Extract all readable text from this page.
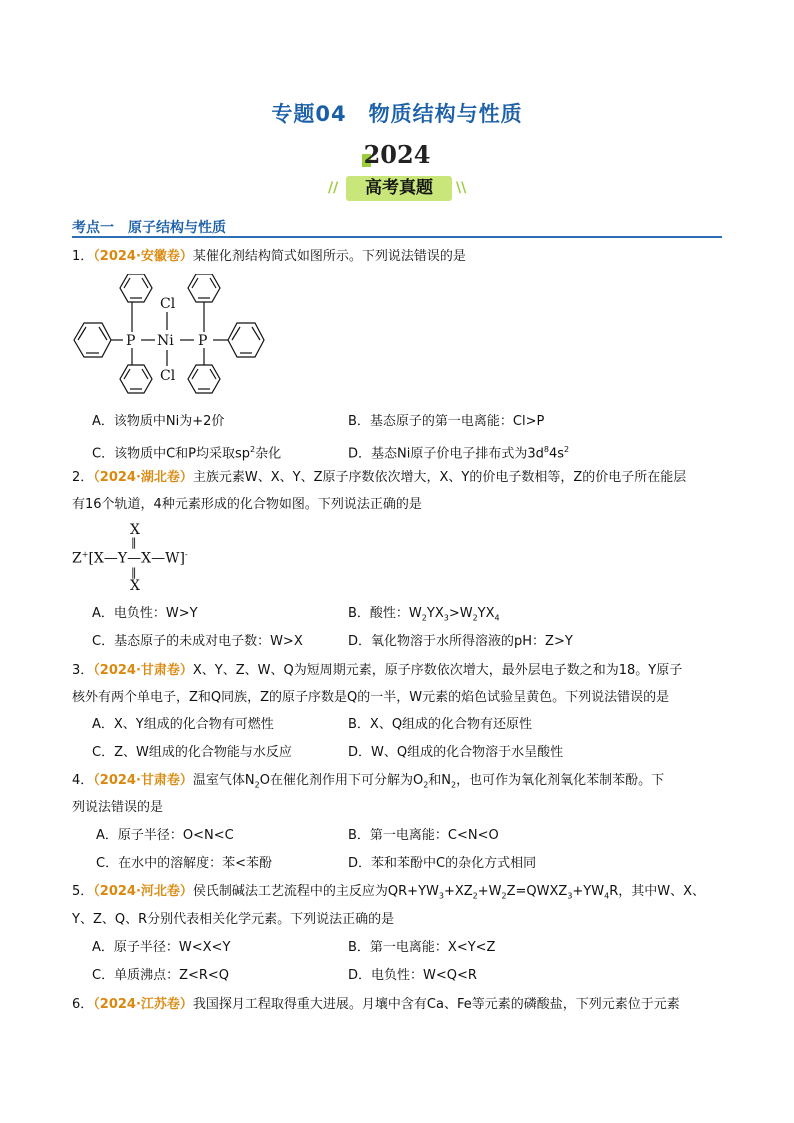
专题04 物质结构与性质
2024
//	高考真题	\\
考点一　原子结构与性质
1．（2024·安徽卷）某催化剂结构简式如图所示。下列说法错误的是
P Ni P
Cl
Cl
A．该物质中Ni为+2价	B．基态原子的第一电离能：Cl>P
C．该物质中C和P均采取$sp^2$杂化	D．基态Ni原子价电子排布式为$3d^84s^2$
2．（2024·湖北卷）主族元素W、X、Y、Z原子序数依次增大，X、Y的价电子数相等，Z的价电子所在能层
有16个轨道，4种元素形成的化合物如图。下列说法正确的是
X
‖
Z+[X—Y—X—W]-
‖
X
A．电负性：W>Y	B．酸性：$W_2YX_3>W_2YX_4$
C．基态原子的未成对电子数：W>X	D．氧化物溶于水所得溶液的pH：Z>Y
3．（2024·甘肃卷）X、Y、Z、W、Q为短周期元素，原子序数依次增大，最外层电子数之和为18。Y原子
核外有两个单电子，Z和Q同族，Z的原子序数是Q的一半，W元素的焰色试验呈黄色。下列说法错误的是
A．X、Y组成的化合物有可燃性	B．X、Q组成的化合物有还原性
C．Z、W组成的化合物能与水反应	D．W、Q组成的化合物溶于水呈酸性
4．（2024·甘肃卷）温室气体$N_2O$在催化剂作用下可分解为$O_2$和$N_2$，也可作为氧化剂氧化苯制苯酚。下
列说法错误的是
A．原子半径：O<N<C	B．第一电离能：C<N<O
C．在水中的溶解度：苯<苯酚	D．苯和苯酚中C的杂化方式相同
5．（2024·河北卷）侯氏制碱法工艺流程中的主反应为$QR+YW_3+XZ_2+W_2Z=QWXZ_3+YW_4R$，其中W、X、
Y、Z、Q、R分别代表相关化学元素。下列说法正确的是
A．原子半径：W<X<Y	B．第一电离能：X<Y<Z
C．单质沸点：Z<R<Q	D．电负性：W<Q<R
6．（2024·江苏卷）我国探月工程取得重大进展。月壤中含有Ca、Fe等元素的磷酸盐，下列元素位于元素
